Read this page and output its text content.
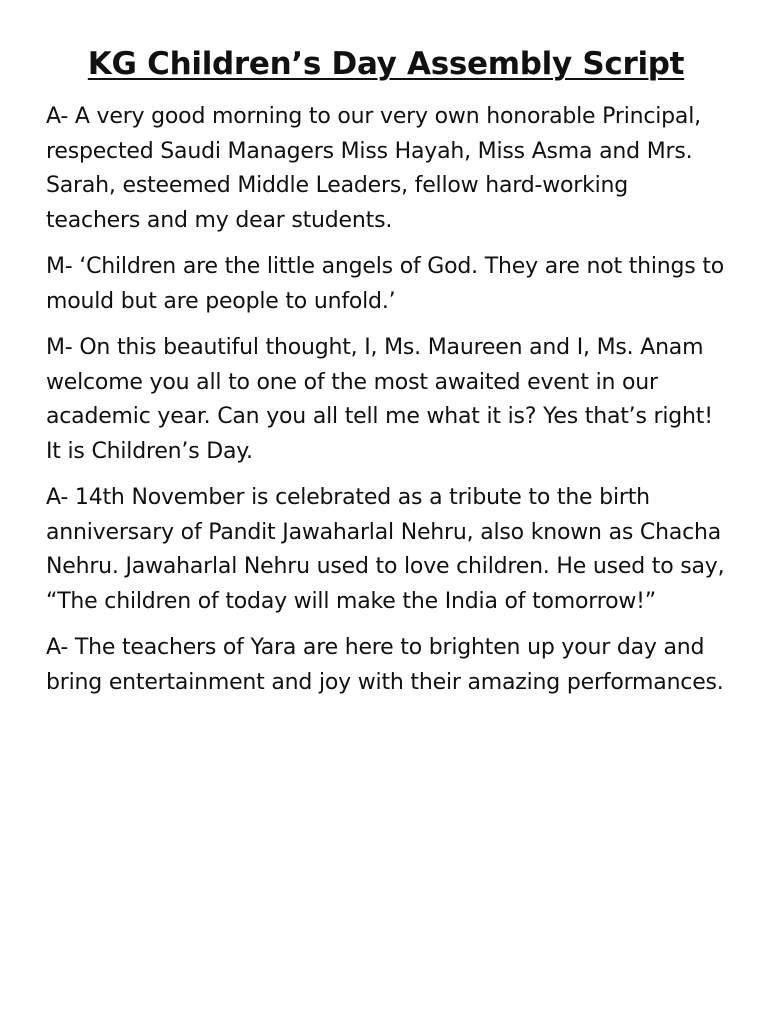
KG Children’s Day Assembly Script

A- A very good morning to our very own honorable Principal, respected Saudi Managers Miss Hayah, Miss Asma and Mrs. Sarah, esteemed Middle Leaders, fellow hard-working teachers and my dear students.

M- ‘Children are the little angels of God. They are not things to mould but are people to unfold.’

M- On this beautiful thought, I, Ms. Maureen and I, Ms. Anam welcome you all to one of the most awaited event in our academic year. Can you all tell me what it is? Yes that’s right! It is Children’s Day.

A- 14th November is celebrated as a tribute to the birth anniversary of Pandit Jawaharlal Nehru, also known as Chacha Nehru. Jawaharlal Nehru used to love children. He used to say, “The children of today will make the India of tomorrow!”

A- The teachers of Yara are here to brighten up your day and bring entertainment and joy with their amazing performances.
